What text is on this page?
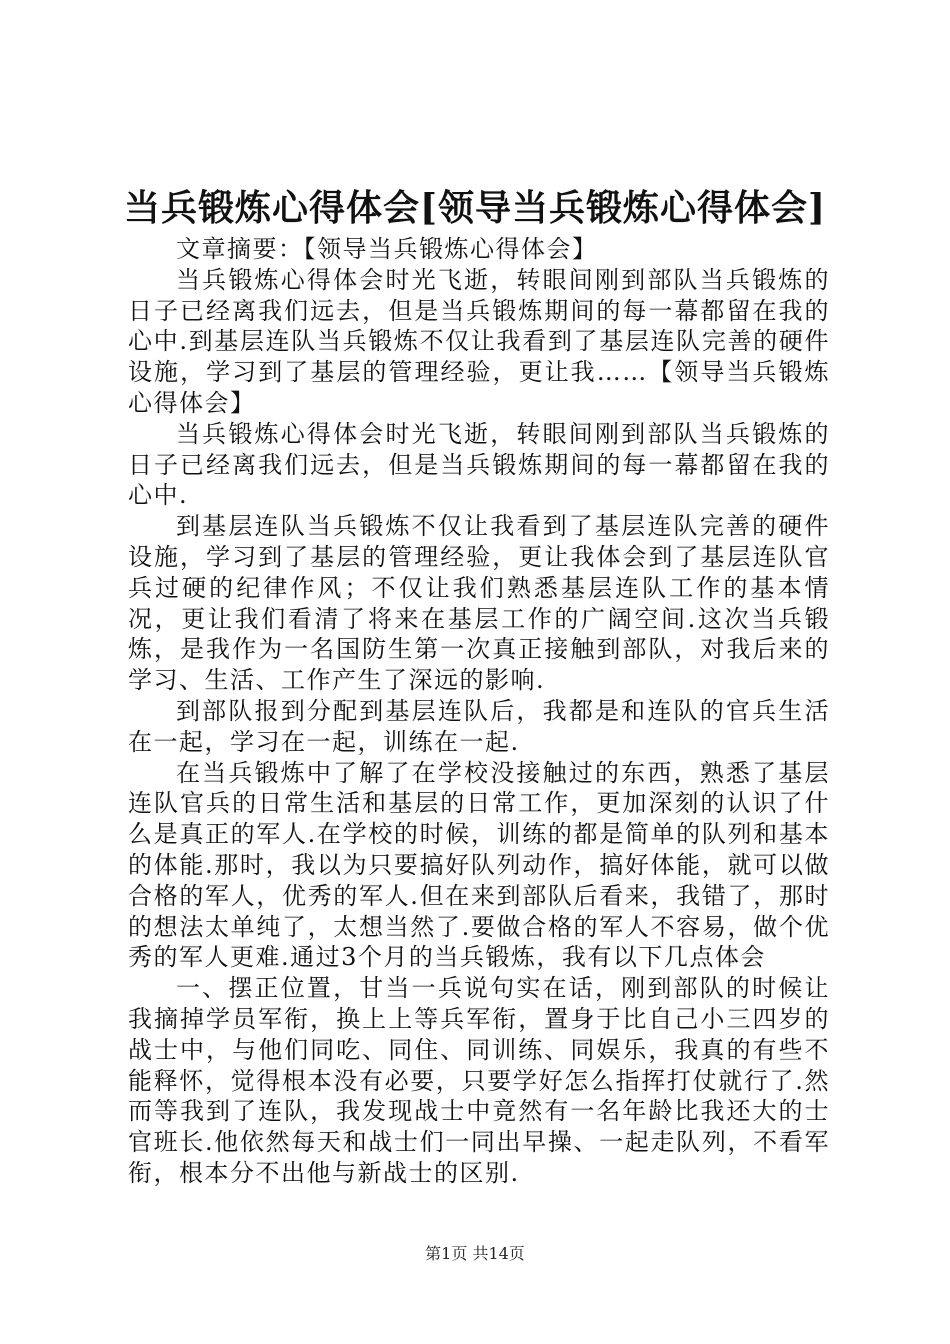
当兵锻炼心得体会[领导当兵锻炼心得体会]

文章摘要：【领导当兵锻炼心得体会】

当兵锻炼心得体会时光飞逝，转眼间刚到部队当兵锻炼的日子已经离我们远去，但是当兵锻炼期间的每一幕都留在我的心中.到基层连队当兵锻炼不仅让我看到了基层连队完善的硬件设施，学习到了基层的管理经验，更让我……【领导当兵锻炼心得体会】

当兵锻炼心得体会时光飞逝，转眼间刚到部队当兵锻炼的日子已经离我们远去，但是当兵锻炼期间的每一幕都留在我的心中.

到基层连队当兵锻炼不仅让我看到了基层连队完善的硬件设施，学习到了基层的管理经验，更让我体会到了基层连队官兵过硬的纪律作风；不仅让我们熟悉基层连队工作的基本情况，更让我们看清了将来在基层工作的广阔空间.这次当兵锻炼，是我作为一名国防生第一次真正接触到部队，对我后来的学习、生活、工作产生了深远的影响.

到部队报到分配到基层连队后，我都是和连队的官兵生活在一起，学习在一起，训练在一起.

在当兵锻炼中了解了在学校没接触过的东西，熟悉了基层连队官兵的日常生活和基层的日常工作，更加深刻的认识了什么是真正的军人.在学校的时候，训练的都是简单的队列和基本的体能.那时，我以为只要搞好队列动作，搞好体能，就可以做合格的军人，优秀的军人.但在来到部队后看来，我错了，那时的想法太单纯了，太想当然了.要做合格的军人不容易，做个优秀的军人更难.通过3个月的当兵锻炼，我有以下几点体会

一、摆正位置，甘当一兵说句实在话，刚到部队的时候让我摘掉学员军衔，换上上等兵军衔，置身于比自己小三四岁的战士中，与他们同吃、同住、同训练、同娱乐，我真的有些不能释怀，觉得根本没有必要，只要学好怎么指挥打仗就行了.然而等我到了连队，我发现战士中竟然有一名年龄比我还大的士官班长.他依然每天和战士们一同出早操、一起走队列，不看军衔，根本分不出他与新战士的区别.

第1页 共14页
